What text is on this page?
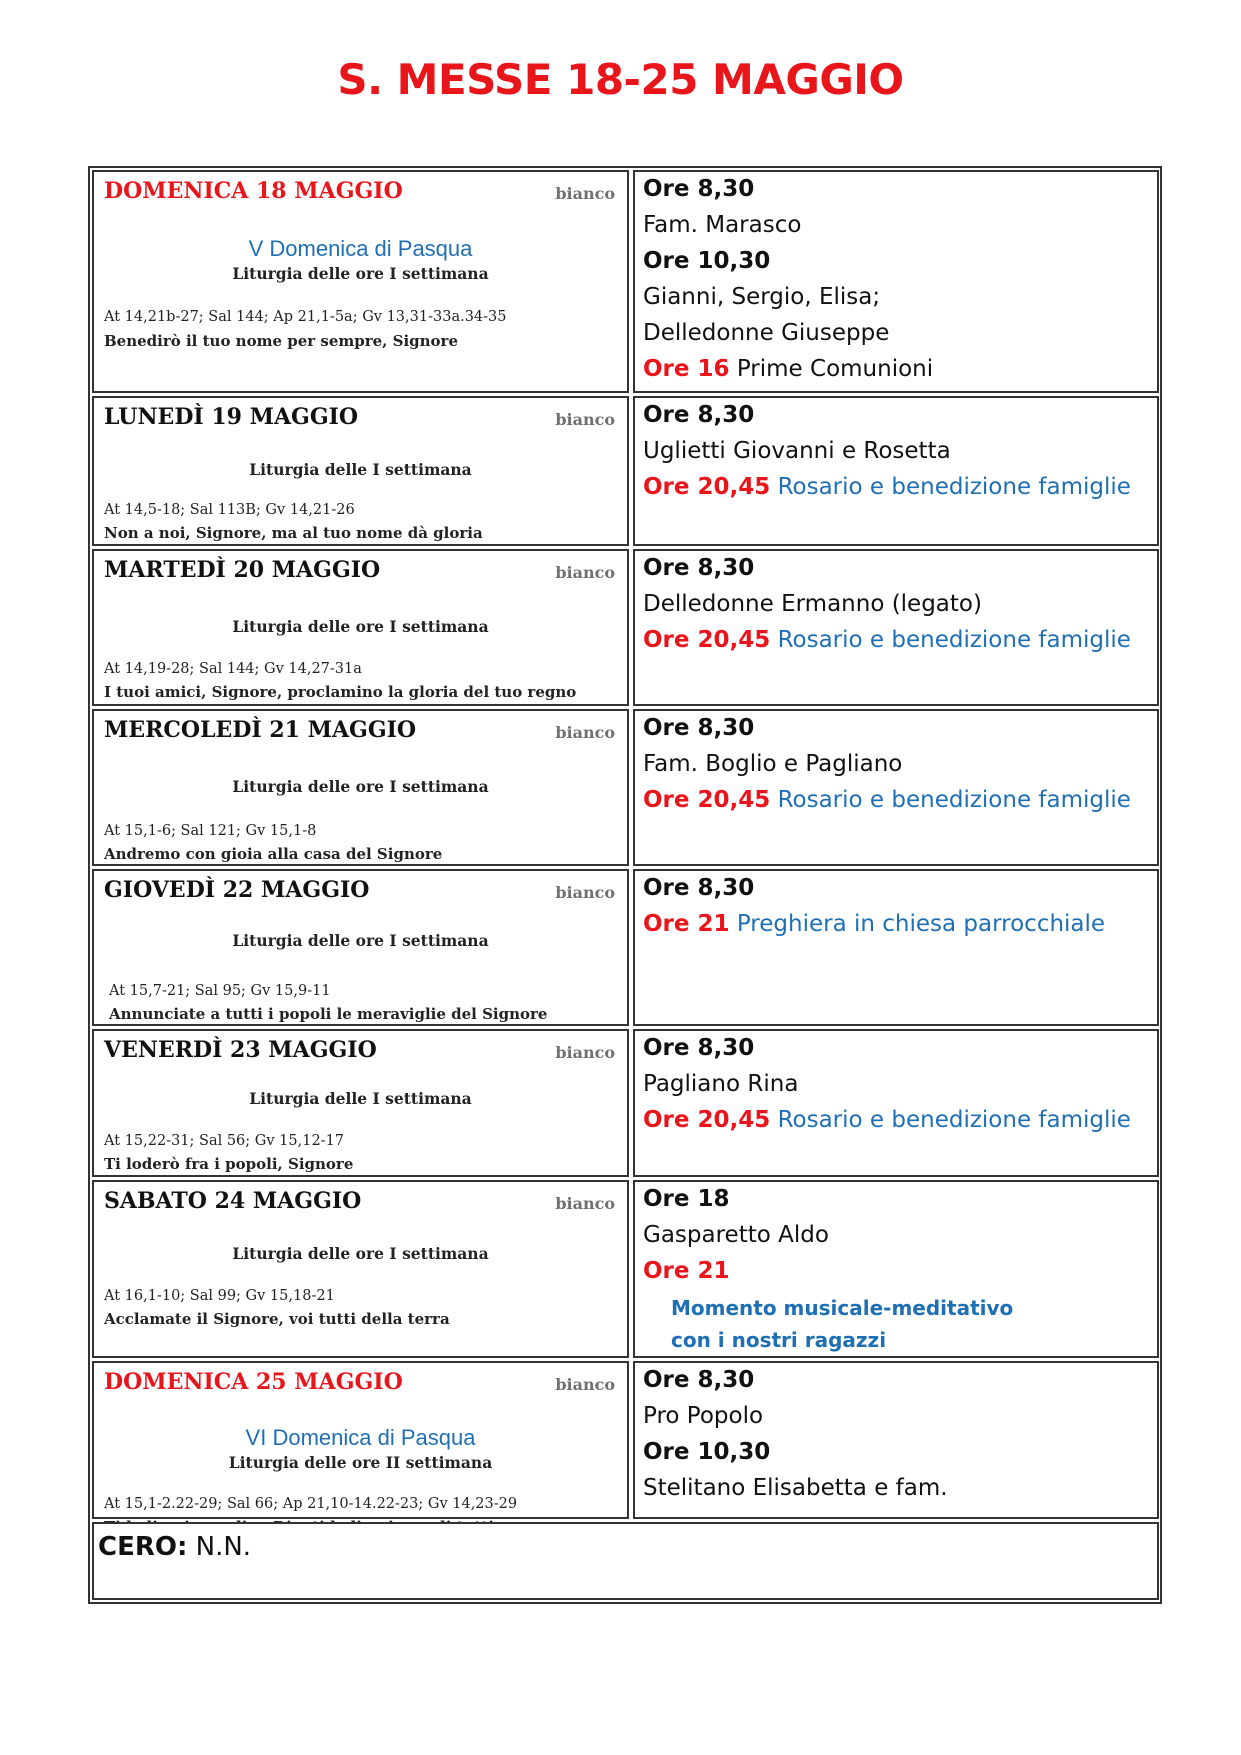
S. MESSE 18-25 MAGGIO
DOMENICA 18 MAGGIO	bianco
V Domenica di Pasqua
Liturgia delle ore I settimana
At 14,21b-27; Sal 144; Ap 21,1-5a; Gv 13,31-33a.34-35
Benedirò il tuo nome per sempre, Signore
Ore 8,30
Fam. Marasco
Ore 10,30
Gianni, Sergio, Elisa;
Delledonne Giuseppe
Ore 16 Prime Comunioni
LUNEDÌ 19 MAGGIO	bianco
Liturgia delle I settimana
At 14,5-18; Sal 113B; Gv 14,21-26
Non a noi, Signore, ma al tuo nome dà gloria
Ore 8,30
Uglietti Giovanni e Rosetta
Ore 20,45 Rosario e benedizione famiglie
MARTEDÌ 20 MAGGIO	bianco
Liturgia delle ore I settimana
At 14,19-28; Sal 144; Gv 14,27-31a
I tuoi amici, Signore, proclamino la gloria del tuo regno
Ore 8,30
Delledonne Ermanno (legato)
Ore 20,45 Rosario e benedizione famiglie
MERCOLEDÌ 21 MAGGIO	bianco
Liturgia delle ore I settimana
At 15,1-6; Sal 121; Gv 15,1-8
Andremo con gioia alla casa del Signore
Ore 8,30
Fam. Boglio e Pagliano
Ore 20,45 Rosario e benedizione famiglie
GIOVEDÌ 22 MAGGIO	bianco
Liturgia delle ore I settimana
At 15,7-21; Sal 95; Gv 15,9-11
Annunciate a tutti i popoli le meraviglie del Signore
Ore 8,30
Ore 21 Preghiera in chiesa parrocchiale
VENERDÌ 23 MAGGIO	bianco
Liturgia delle I settimana
At 15,22-31; Sal 56; Gv 15,12-17
Ti loderò fra i popoli, Signore
Ore 8,30
Pagliano Rina
Ore 20,45 Rosario e benedizione famiglie
SABATO 24 MAGGIO	bianco
Liturgia delle ore I settimana
At 16,1-10; Sal 99; Gv 15,18-21
Acclamate il Signore, voi tutti della terra
Ore 18
Gasparetto Aldo
Ore 21
Momento musicale-meditativo
con i nostri ragazzi
DOMENICA 25 MAGGIO	bianco
VI Domenica di Pasqua
Liturgia delle ore II settimana
At 15,1-2.22-29; Sal 66; Ap 21,10-14.22-23; Gv 14,23-29
Ore 8,30
Pro Popolo
Ore 10,30
Stelitano Elisabetta e fam.
CERO: N.N.
